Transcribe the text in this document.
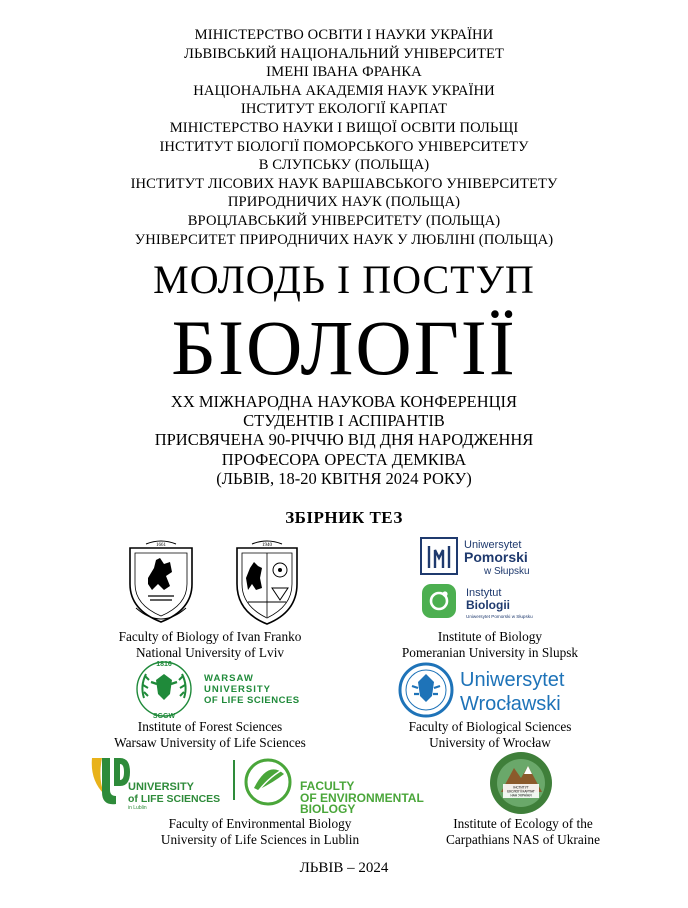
МІНІСТЕРСТВО ОСВІТИ І НАУКИ УКРАЇНИ
ЛЬВІВСЬКИЙ НАЦІОНАЛЬНИЙ УНІВЕРСИТЕТ
ІМЕНІ ІВАНА ФРАНКА
НАЦІОНАЛЬНА АКАДЕМІЯ НАУК УКРАЇНИ
ІНСТИТУТ ЕКОЛОГІЇ КАРПАТ
МІНІСТЕРСТВО НАУКИ І ВИЩОЇ ОСВІТИ ПОЛЬЩІ
ІНСТИТУТ БІОЛОГІЇ ПОМОРСЬКОГО УНІВЕРСИТЕТУ
В СЛУПСЬКУ (ПОЛЬЩА)
ІНСТИТУТ ЛІСОВИХ НАУК ВАРШАВСЬКОГО УНІВЕРСИТЕТУ
ПРИРОДНИЧИХ НАУК (ПОЛЬЩА)
ВРОЦЛАВСЬКИЙ УНІВЕРСИТЕТУ (ПОЛЬЩА)
УНІВЕРСИТЕТ ПРИРОДНИЧИХ НАУК У ЛЮБЛІНІ (ПОЛЬЩА)
МОЛОДЬ І ПОСТУП
БІОЛОГІЇ
XX МІЖНАРОДНА НАУКОВА КОНФЕРЕНЦІЯ
СТУДЕНТІВ І АСПІРАНТІВ
ПРИСВЯЧЕНА 90-РІЧЧЮ ВІД ДНЯ НАРОДЖЕННЯ
ПРОФЕСОРА ОРЕСТА ДЕМКІВА
(ЛЬВІВ, 18-20 КВІТНЯ 2024 РОКУ)
ЗБІРНИК ТЕЗ
1661	1940
Faculty of Biology of Ivan Franko
National University of Lviv
Uniwersytet
Pomorski
w Słupsku
Instytut
Biologii
Uniwersytet Pomorski w Słupsku
Institute of Biology
Pomeranian University in Slupsk
1816
SGGW
WARSAW
UNIVERSITY
OF LIFE SCIENCES
Institute of Forest Sciences
Warsaw University of Life Sciences
Uniwersytet
Wrocławski
Faculty of Biological Sciences
University of Wrocław
UNIVERSITY
of LIFE SCIENCES
in Lublin
FACULTY
OF ENVIRONMENTAL
BIOLOGY
Faculty of Environmental Biology
University of Life Sciences in Lublin
ІНСТИТУТ
ЕКОЛОГІЇ КАРПАТ
НАН УКРАЇНИ
Institute of Ecology of the
Carpathians NAS of Ukraine
ЛЬВІВ – 2024
